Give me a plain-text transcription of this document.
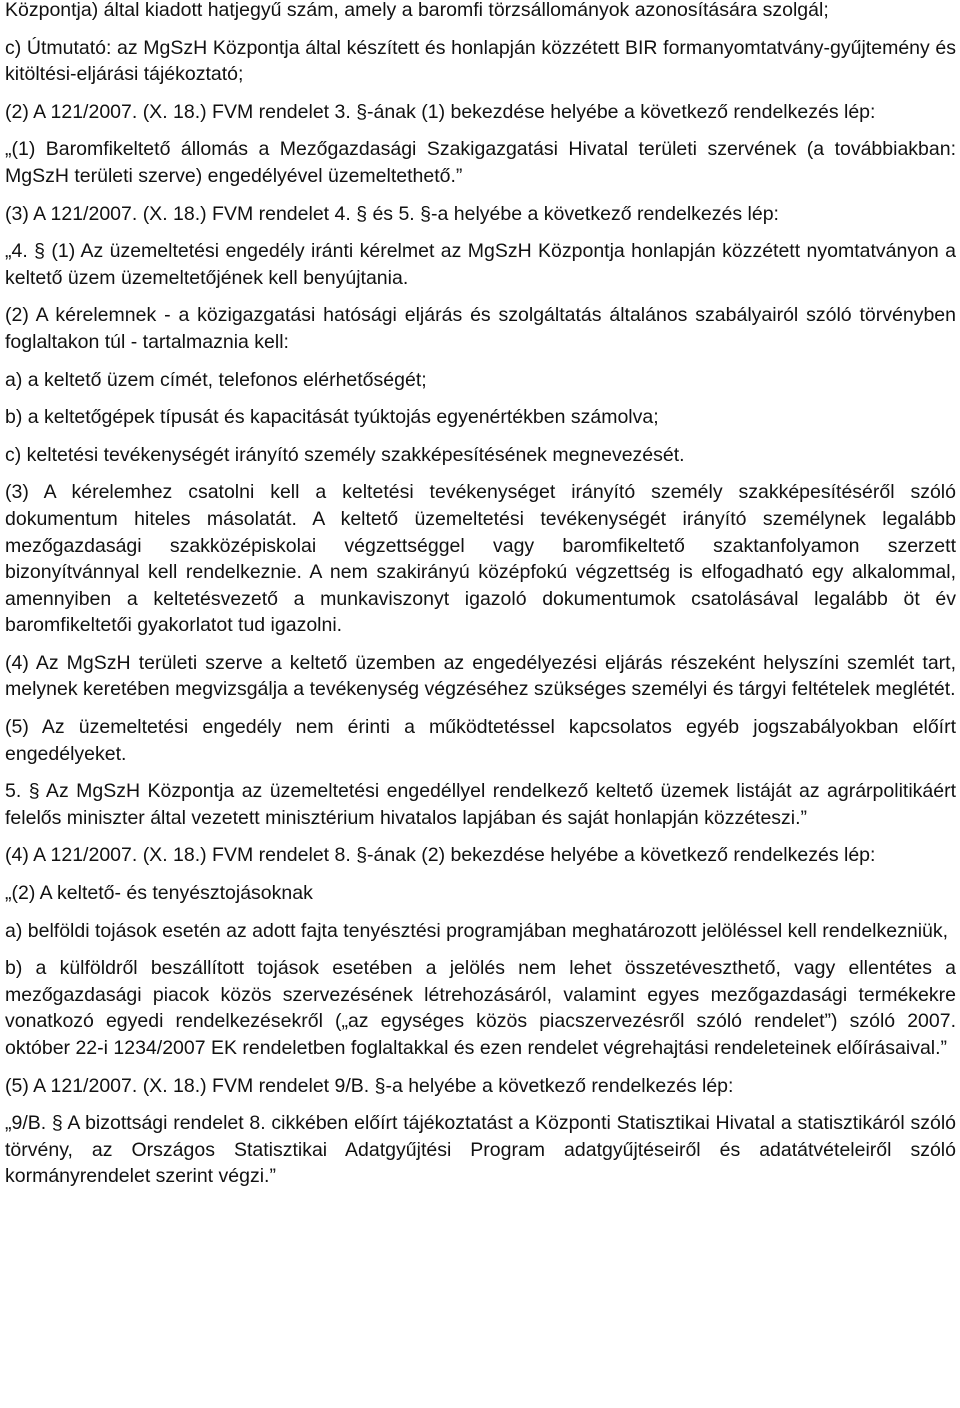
Központja) által kiadott hatjegyű szám, amely a baromfi törzsállományok azonosítására szolgál;

c) Útmutató: az MgSzH Központja által készített és honlapján közzétett BIR formanyomtatvány-gyűjtemény és kitöltési-eljárási tájékoztató;

(2) A 121/2007. (X. 18.) FVM rendelet 3. §-ának (1) bekezdése helyébe a következő rendelkezés lép:

„(1) Baromfikeltető állomás a Mezőgazdasági Szakigazgatási Hivatal területi szervének (a továbbiakban: MgSzH területi szerve) engedélyével üzemeltethető.”

(3) A 121/2007. (X. 18.) FVM rendelet 4. § és 5. §-a helyébe a következő rendelkezés lép:

„4. § (1) Az üzemeltetési engedély iránti kérelmet az MgSzH Központja honlapján közzétett nyomtatványon a keltető üzem üzemeltetőjének kell benyújtania.

(2) A kérelemnek - a közigazgatási hatósági eljárás és szolgáltatás általános szabályairól szóló törvényben foglaltakon túl - tartalmaznia kell:

a) a keltető üzem címét, telefonos elérhetőségét;

b) a keltetőgépek típusát és kapacitását tyúktojás egyenértékben számolva;

c) keltetési tevékenységét irányító személy szakképesítésének megnevezését.

(3) A kérelemhez csatolni kell a keltetési tevékenységet irányító személy szakképesítéséről szóló dokumentum hiteles másolatát. A keltető üzemeltetési tevékenységét irányító személynek legalább mezőgazdasági szakközépiskolai végzettséggel vagy baromfikeltető szaktanfolyamon szerzett bizonyítvánnyal kell rendelkeznie. A nem szakirányú középfokú végzettség is elfogadható egy alkalommal, amennyiben a keltetésvezető a munkaviszonyt igazoló dokumentumok csatolásával legalább öt év baromfikeltetői gyakorlatot tud igazolni.

(4) Az MgSzH területi szerve a keltető üzemben az engedélyezési eljárás részeként helyszíni szemlét tart, melynek keretében megvizsgálja a tevékenység végzéséhez szükséges személyi és tárgyi feltételek meglétét.

(5) Az üzemeltetési engedély nem érinti a működtetéssel kapcsolatos egyéb jogszabályokban előírt engedélyeket.

5. § Az MgSzH Központja az üzemeltetési engedéllyel rendelkező keltető üzemek listáját az agrárpolitikáért felelős miniszter által vezetett minisztérium hivatalos lapjában és saját honlapján közzéteszi.”

(4) A 121/2007. (X. 18.) FVM rendelet 8. §-ának (2) bekezdése helyébe a következő rendelkezés lép:

„(2) A keltető- és tenyésztojásoknak

a) belföldi tojások esetén az adott fajta tenyésztési programjában meghatározott jelöléssel kell rendelkezniük,

b) a külföldről beszállított tojások esetében a jelölés nem lehet összetéveszthető, vagy ellentétes a mezőgazdasági piacok közös szervezésének létrehozásáról, valamint egyes mezőgazdasági termékekre vonatkozó egyedi rendelkezésekről („az egységes közös piacszervezésről szóló rendelet”) szóló 2007. október 22-i 1234/2007 EK rendeletben foglaltakkal és ezen rendelet végrehajtási rendeleteinek előírásaival.”

(5) A 121/2007. (X. 18.) FVM rendelet 9/B. §-a helyébe a következő rendelkezés lép:

„9/B. § A bizottsági rendelet 8. cikkében előírt tájékoztatást a Központi Statisztikai Hivatal a statisztikáról szóló törvény, az Országos Statisztikai Adatgyűjtési Program adatgyűjtéseiről és adatátvételeiről szóló kormányrendelet szerint végzi.”
